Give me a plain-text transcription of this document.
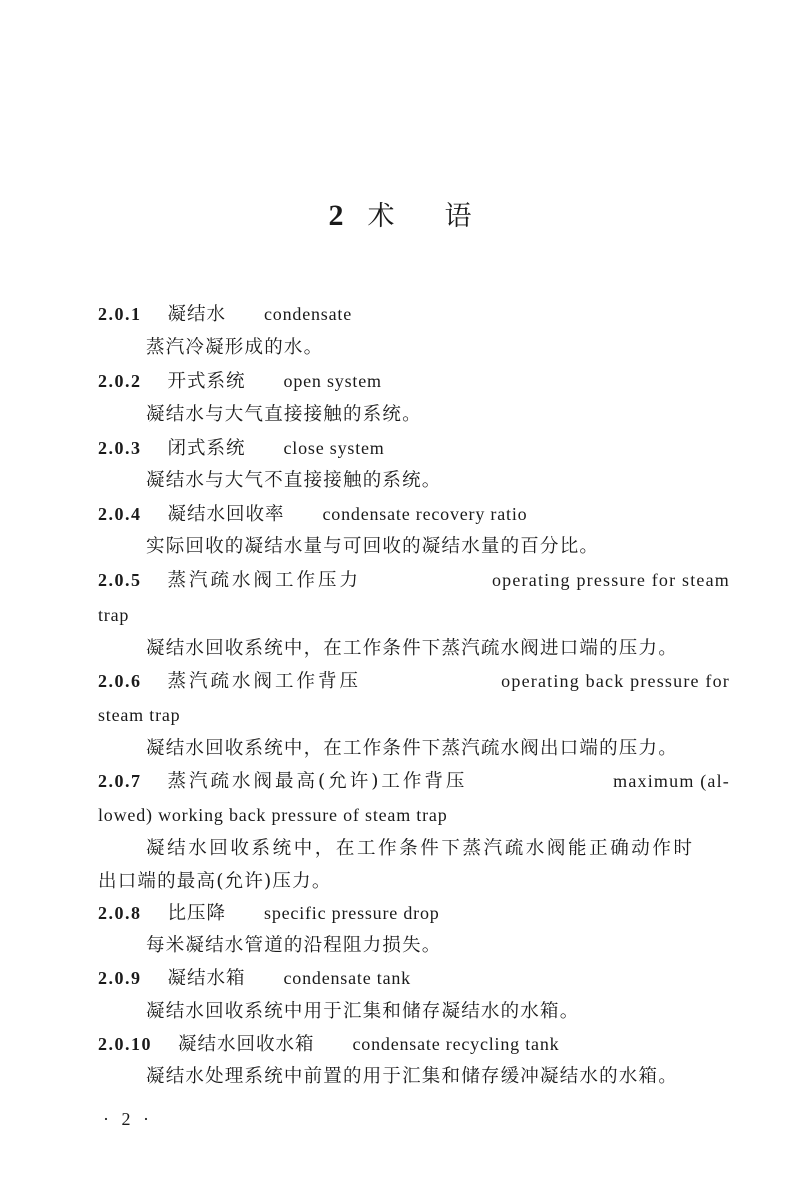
2 术 语
2.0.1 凝结水 condensate
蒸汽冷凝形成的水。
2.0.2 开式系统 open system
凝结水与大气直接接触的系统。
2.0.3 闭式系统 close system
凝结水与大气不直接接触的系统。
2.0.4 凝结水回收率 condensate recovery ratio
实际回收的凝结水量与可回收的凝结水量的百分比。
2.0.5 蒸汽疏水阀工作压力	operating pressure for steam
trap
凝结水回收系统中，在工作条件下蒸汽疏水阀进口端的压力。
2.0.6 蒸汽疏水阀工作背压	operating back pressure for
steam trap
凝结水回收系统中，在工作条件下蒸汽疏水阀出口端的压力。
2.0.7 蒸汽疏水阀最高(允许)工作背压	maximum (al-
lowed) working back pressure of steam trap
凝结水回收系统中，在工作条件下蒸汽疏水阀能正确动作时
出口端的最高(允许)压力。
2.0.8 比压降 specific pressure drop
每米凝结水管道的沿程阻力损失。
2.0.9 凝结水箱 condensate tank
凝结水回收系统中用于汇集和储存凝结水的水箱。
2.0.10 凝结水回收水箱 condensate recycling tank
凝结水处理系统中前置的用于汇集和储存缓冲凝结水的水箱。
· 2 ·
